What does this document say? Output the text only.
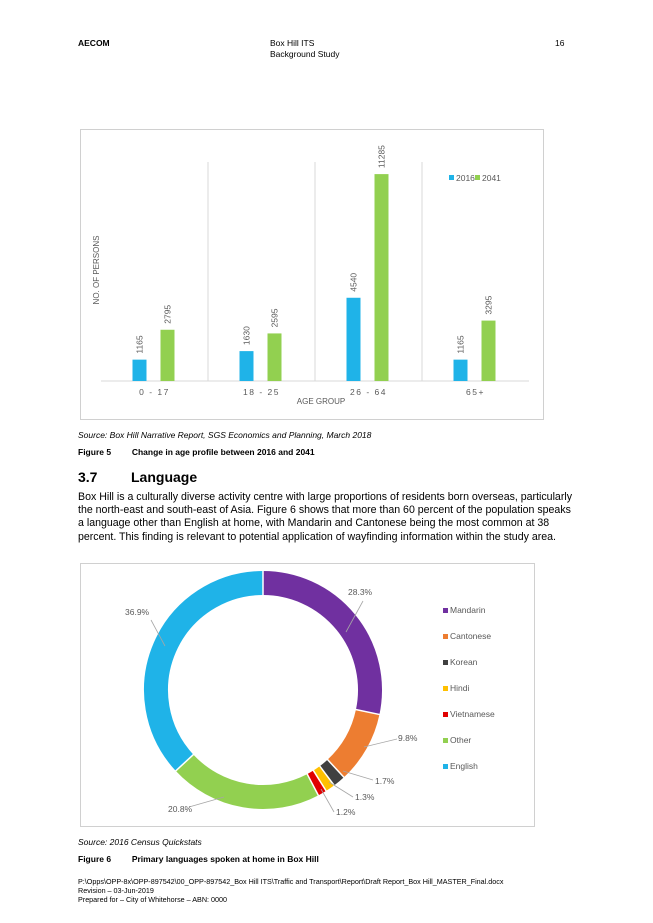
AECOM	Box Hill ITS
Background Study
16
1165
2795
0 - 17
1630
2595
18 - 25
4540
11285
26 - 64
1165
3295
65+
AGE GROUP
NO. OF PERSONS
2016 2041
Source: Box Hill Narrative Report, SGS Economics and Planning, March 2018
Figure 5 Change in age profile between 2016 and 2041
3.7 Language
Box Hill is a culturally diverse activity centre with large proportions of residents born overseas, particularly the north-east and south-east of Asia. Figure 6 shows that more than 60 percent of the population speaks a language other than English at home, with Mandarin and Cantonese being the most common at 38 percent. This finding is relevant to potential application of wayfinding information within the study area.
28.3%
9.8%
1.7%
1.3%
1.2%
20.8%
36.9%	Mandarin
Cantonese
Korean
Hindi
Vietnamese
Other
English
Source: 2016 Census Quickstats
Figure 6 Primary languages spoken at home in Box Hill
P:\Opps\OPP-8x\OPP-897542\00_OPP-897542_Box Hill ITS\Traffic and Transport\Report\Draft Report_Box Hill_MASTER_Final.docx
Revision – 03-Jun-2019
Prepared for – City of Whitehorse – ABN: 0000
